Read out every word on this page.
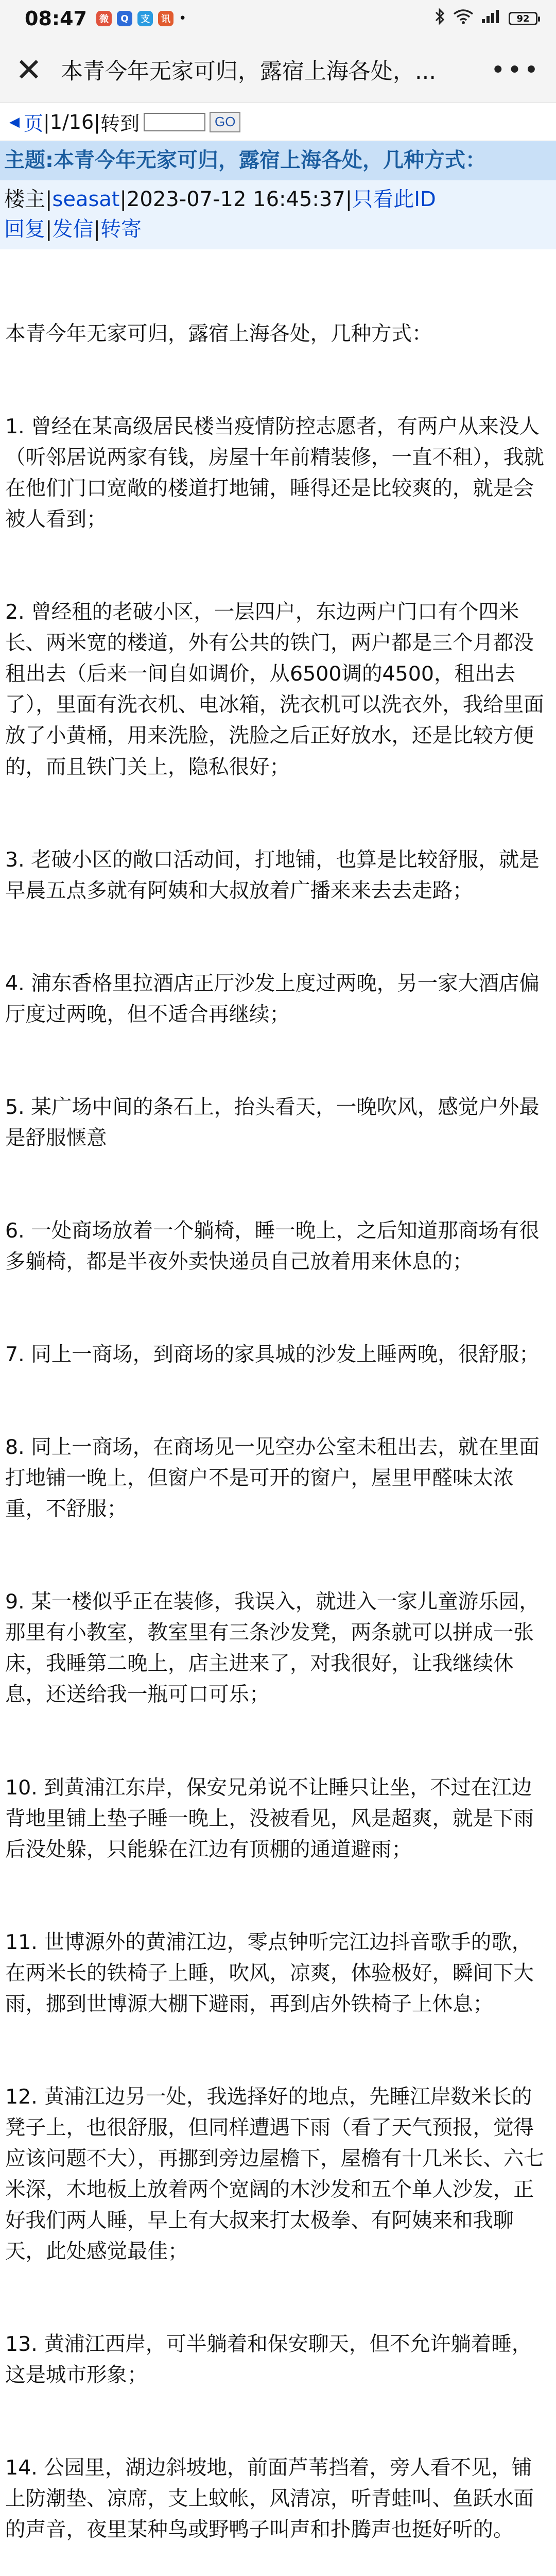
08:47	微	Q	支	讯 •	92
✕ 本青今年无家可归，露宿上海各处，...	•••
◀ 页 |1/16| 转到	GO
主题:本青今年无家可归，露宿上海各处，几种方式：
楼主|seasat|2023-07-12 16:45:37|只看此ID
回复|发信|转寄

本青今年无家可归，露宿上海各处，几种方式：

1. 曾经在某高级居民楼当疫情防控志愿者，有两户从来没人（听邻居说两家有钱，房屋十年前精装修，一直不租），我就在他们门口宽敞的楼道打地铺，睡得还是比较爽的，就是会被人看到；

2. 曾经租的老破小区，一层四户，东边两户门口有个四米长、两米宽的楼道，外有公共的铁门，两户都是三个月都没租出去（后来一间自如调价，从6500调的4500，租出去了），里面有洗衣机、电冰箱，洗衣机可以洗衣外，我给里面放了小黄桶，用来洗脸，洗脸之后正好放水，还是比较方便的，而且铁门关上，隐私很好；

3. 老破小区的敞口活动间，打地铺，也算是比较舒服，就是早晨五点多就有阿姨和大叔放着广播来来去去走路；

4. 浦东香格里拉酒店正厅沙发上度过两晚，另一家大酒店偏厅度过两晚，但不适合再继续；

5. 某广场中间的条石上，抬头看天，一晚吹风，感觉户外最是舒服惬意

6. 一处商场放着一个躺椅，睡一晚上，之后知道那商场有很多躺椅，都是半夜外卖快递员自己放着用来休息的；

7. 同上一商场，到商场的家具城的沙发上睡两晚，很舒服；

8. 同上一商场，在商场见一见空办公室未租出去，就在里面打地铺一晚上，但窗户不是可开的窗户，屋里甲醛味太浓重，不舒服；

9. 某一楼似乎正在装修，我误入，就进入一家儿童游乐园，那里有小教室，教室里有三条沙发凳，两条就可以拼成一张床，我睡第二晚上，店主进来了，对我很好，让我继续休息，还送给我一瓶可口可乐；

10. 到黄浦江东岸，保安兄弟说不让睡只让坐，不过在江边背地里铺上垫子睡一晚上，没被看见，风是超爽，就是下雨后没处躲，只能躲在江边有顶棚的通道避雨；

11. 世博源外的黄浦江边，零点钟听完江边抖音歌手的歌，在两米长的铁椅子上睡，吹风，凉爽，体验极好，瞬间下大雨，挪到世博源大棚下避雨，再到店外铁椅子上休息；

12. 黄浦江边另一处，我选择好的地点，先睡江岸数米长的凳子上，也很舒服，但同样遭遇下雨（看了天气预报，觉得应该问题不大），再挪到旁边屋檐下，屋檐有十几米长、六七米深，木地板上放着两个宽阔的木沙发和五个单人沙发，正好我们两人睡，早上有大叔来打太极拳、有阿姨来和我聊天，此处感觉最佳；

13. 黄浦江西岸，可半躺着和保安聊天，但不允许躺着睡，这是城市形象；

14. 公园里，湖边斜坡地，前面芦苇挡着，旁人看不见，铺上防潮垫、凉席，支上蚊帐，风清凉，听青蛙叫、鱼跃水面的声音，夜里某种鸟或野鸭子叫声和扑腾声也挺好听的。
